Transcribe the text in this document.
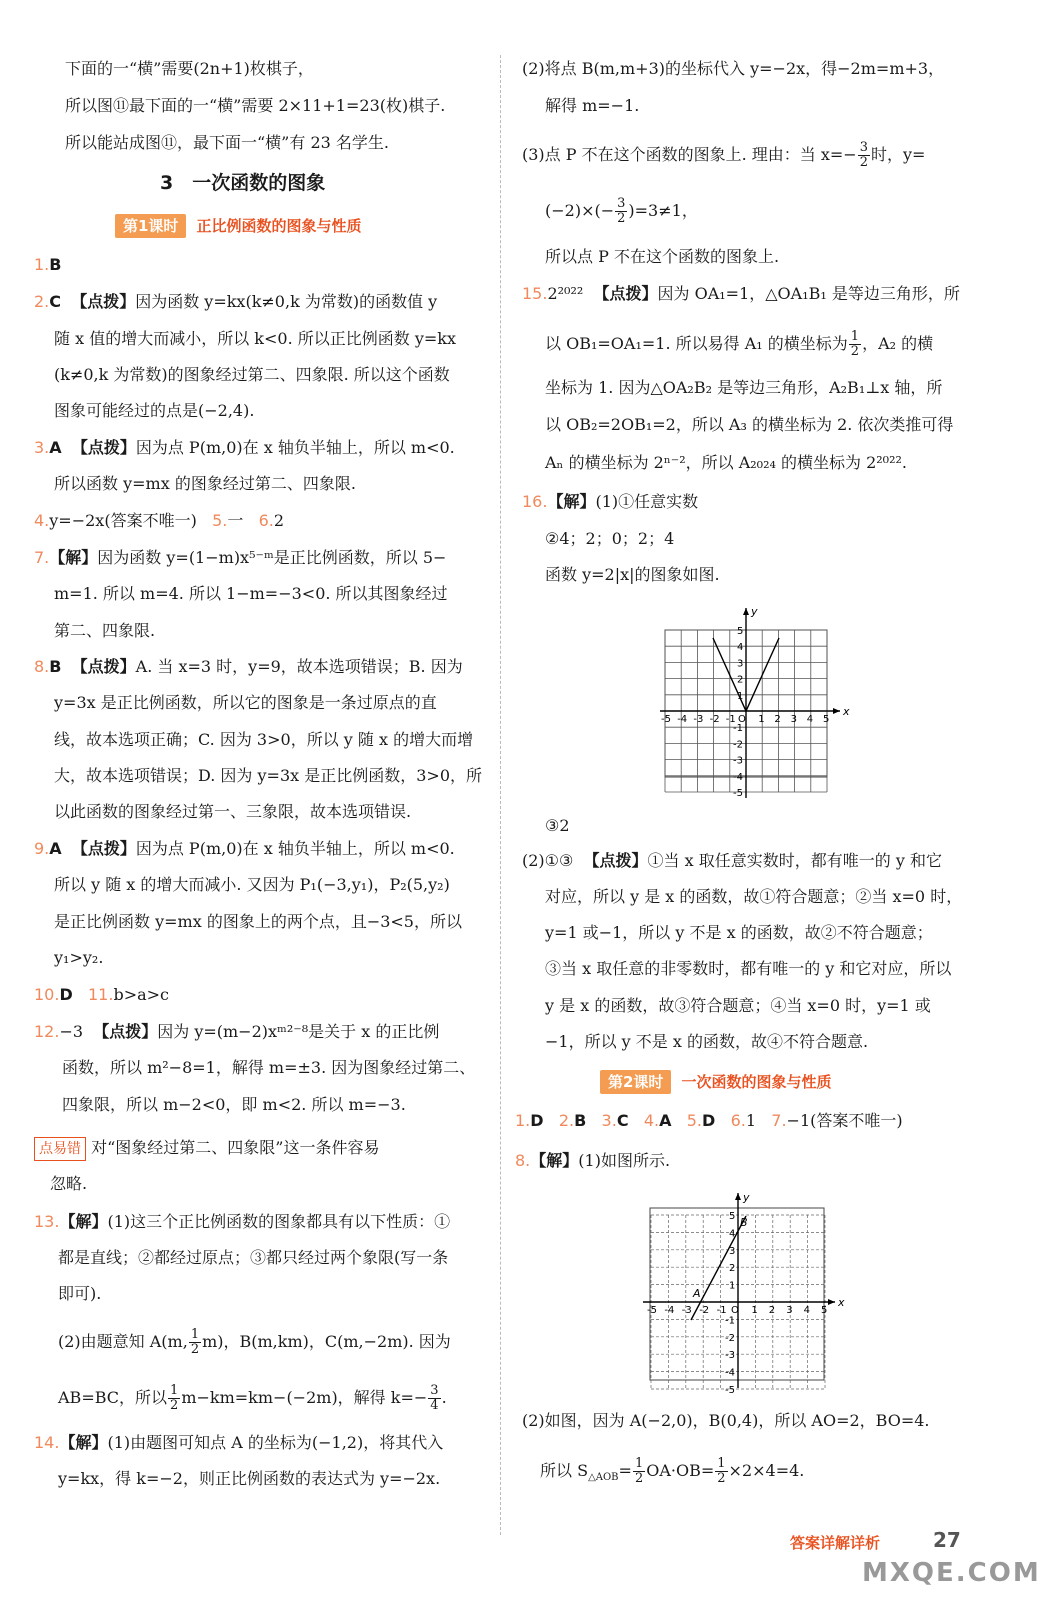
下面的一“横”需要(2n+1)枚棋子，
所以图⑪最下面的一“横”需要 2×11+1=23(枚)棋子.
所以能站成图⑪，最下面一“横”有 23 名学生.
3　一次函数的图象
第1课时 正比例函数的图象与性质
1.B
2.C 【点拨】因为函数 y=kx(k≠0,k 为常数)的函数值 y
随 x 值的增大而减小，所以 k<0. 所以正比例函数 y=kx
(k≠0,k 为常数)的图象经过第二、四象限. 所以这个函数
图象可能经过的点是(−2,4).
3.A 【点拨】因为点 P(m,0)在 x 轴负半轴上，所以 m<0.
所以函数 y=mx 的图象经过第二、四象限.
4.y=−2x(答案不唯一) 5.一 6.2
7.【解】因为函数 y=(1−m)x⁵⁻ᵐ是正比例函数，所以 5−
m=1. 所以 m=4. 所以 1−m=−3<0. 所以其图象经过
第二、四象限.
8.B 【点拨】A. 当 x=3 时，y=9，故本选项错误；B. 因为
y=3x 是正比例函数，所以它的图象是一条过原点的直
线，故本选项正确；C. 因为 3>0，所以 y 随 x 的增大而增
大，故本选项错误；D. 因为 y=3x 是正比例函数，3>0，所
以此函数的图象经过第一、三象限，故本选项错误.
9.A 【点拨】因为点 P(m,0)在 x 轴负半轴上，所以 m<0.
所以 y 随 x 的增大而减小. 又因为 P₁(−3,y₁)，P₂(5,y₂)
是正比例函数 y=mx 的图象上的两个点，且−3<5，所以
y₁>y₂.
10.D 11.b>a>c
12.−3 【点拨】因为 y=(m−2)xᵐ²⁻⁸是关于 x 的正比例
函数，所以 m²−8=1，解得 m=±3. 因为图象经过第二、
四象限，所以 m−2<0，即 m<2. 所以 m=−3.
点易错 对“图象经过第二、四象限”这一条件容易
忽略.
13.【解】(1)这三个正比例函数的图象都具有以下性质：①
都是直线；②都经过原点；③都只经过两个象限(写一条
即可).
(2)由题意知 A(m, $\frac{1}{2} m$)，B(m,km)，C(m,−2m). 因为
AB=BC，所以 $\frac{1}{2} m-km=km-(-2m)$，解得 $k=- \frac{3}{4}$ .
14.【解】(1)由题图可知点 A 的坐标为(−1,2)，将其代入
y=kx，得 k=−2，则正比例函数的表达式为 y=−2x.
(2)将点 B(m,m+3)的坐标代入 y=−2x，得−2m=m+3，
解得 m=−1.
(3)点 P 不在这个函数的图象上. 理由：当 $x=- \frac{3}{2}$ 时，y=
$(-2)\times(- \frac{3}{2} )=3\ne 1$，
所以点 P 不在这个函数的图象上.
15.2²⁰²² 【点拨】因为 OA₁=1，△OA₁B₁ 是等边三角形，所
以 OB₁=OA₁=1. 所以易得 A₁ 的横坐标为 $\frac{1}{2}$ ，A₂ 的横
坐标为 1. 因为△OA₂B₂ 是等边三角形，A₂B₁⊥x 轴，所
以 OB₂=2OB₁=2，所以 A₃ 的横坐标为 2. 依次类推可得
Aₙ 的横坐标为 2ⁿ⁻²，所以 A₂₀₂₄ 的横坐标为 2²⁰²².
16.【解】(1)①任意实数
②4；2；0；2；4
函数 y=2|x|的图象如图.
x
y
O
-5 -4 -3 -2 -1 1 2 3 4 5
5
4
3
2
1
-1
-2
-3
-4
-5
③2
(2)①③ 【点拨】①当 x 取任意实数时，都有唯一的 y 和它
对应，所以 y 是 x 的函数，故①符合题意；②当 x=0 时，
y=1 或−1，所以 y 不是 x 的函数，故②不符合题意；
③当 x 取任意的非零数时，都有唯一的 y 和它对应，所以
y 是 x 的函数，故③符合题意；④当 x=0 时，y=1 或
−1，所以 y 不是 x 的函数，故④不符合题意.
第2课时 一次函数的图象与性质
1.D 2.B 3.C 4.A 5.D 6.1 7.−1(答案不唯一)
8.【解】(1)如图所示.
x
y
O
A
B
-5 -4 -3 -2 -1 1 2 3 4 5
5
4
3
2
1
-1
-2
-3
-4
-5
(2)如图，因为 A(−2,0)，B(0,4)，所以 AO=2，BO=4.
所以 $S_{\triangle AOB}= \frac{1}{2} OA\cdot OB= \frac{1}{2} \times 2\times 4=4$.
答案详解详析	27
MXQE.COM
